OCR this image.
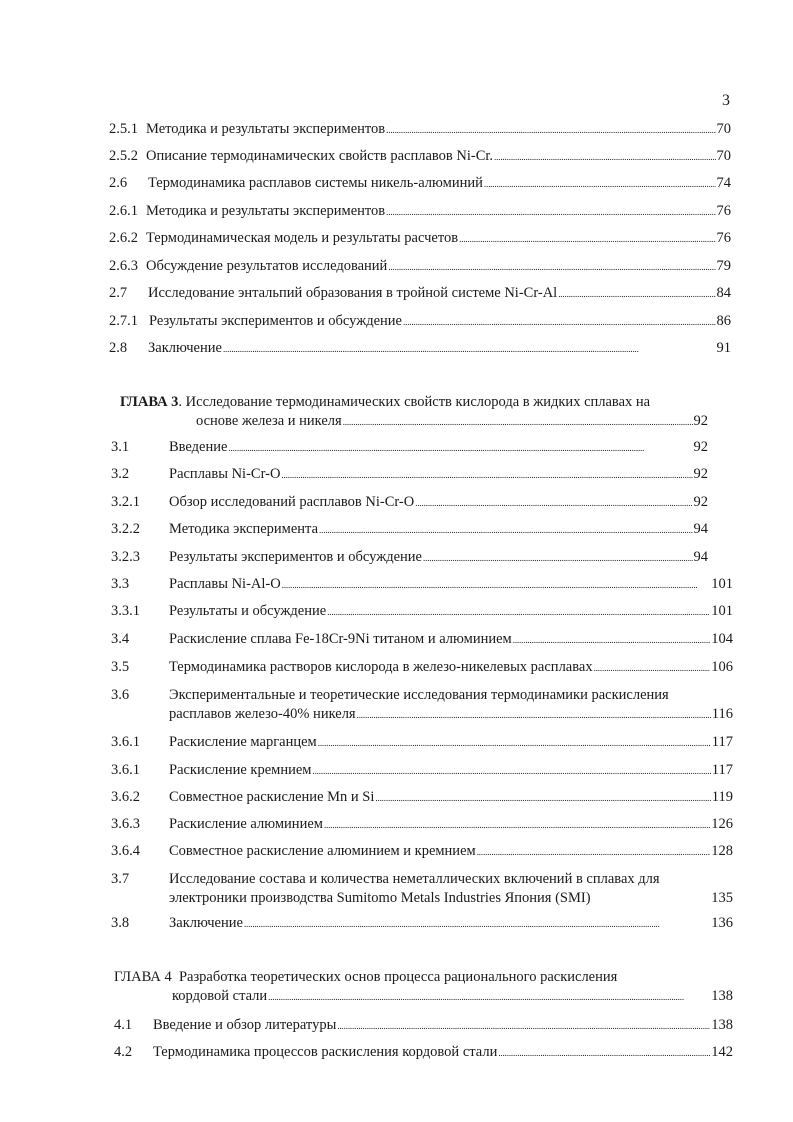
3
2.5.1 Методика и результаты экспериментов . . .	70
2.5.2 Описание термодинамических свойств расплавов Ni-Cr. . . .	70
2.6	Термодинамика расплавов системы никель-алюминий . . .	74
2.6.1 Методика и результаты экспериментов . . .	76
2.6.2 Термодинамическая модель и результаты расчетов . . .	76
2.6.3 Обсуждение результатов исследований . . .	79
2.7	Исследование энтальпий образования в тройной системе Ni-Cr-Al . . .	84
2.7.1 Результаты экспериментов и обсуждение . . .	86
2.8	Заключение . . .	91
ГЛАВА 3. Исследование термодинамических свойств кислорода в жидких сплавах на
основе железа и никеля . . .	92
3.1	Введение . . .	92
3.2	Расплавы Ni-Cr-O . . .	92
3.2.1	Обзор исследований расплавов Ni-Cr-O . . .	92
3.2.2	Методика эксперимента . . .	94
3.2.3	Результаты экспериментов и обсуждение . . .	94
3.3	Расплавы Ni-Al-O . . .	101
3.3.1	Результаты и обсуждение . . .	101
3.4	Раскисление сплава Fe-18Cr-9Ni титаном и алюминием . . .	104
3.5	Термодинамика растворов кислорода в железо-никелевых расплавах . . .	106
3.6	Экспериментальные и теоретические исследования термодинамики раскисления
расплавов железо-40% никеля . . .	116
3.6.1	Раскисление марганцем . . .	117
3.6.1	Раскисление кремнием . . .	117
3.6.2	Совместное раскисление Mn и Si . . .	119
3.6.3	Раскисление алюминием . . .	126
3.6.4	Совместное раскисление алюминием и кремнием . . .	128
3.7	Исследование состава и количества неметаллических включений в сплавах для
электроники производства Sumitomo Metals Industries Япония (SMI)	135
3.8	Заключение . . .	136
ГЛАВА 4 Разработка теоретических основ процесса рационального раскисления
кордовой стали . . .	138
4.1	Введение и обзор литературы . . .	138
4.2	Термодинамика процессов раскисления кордовой стали . . .	142
